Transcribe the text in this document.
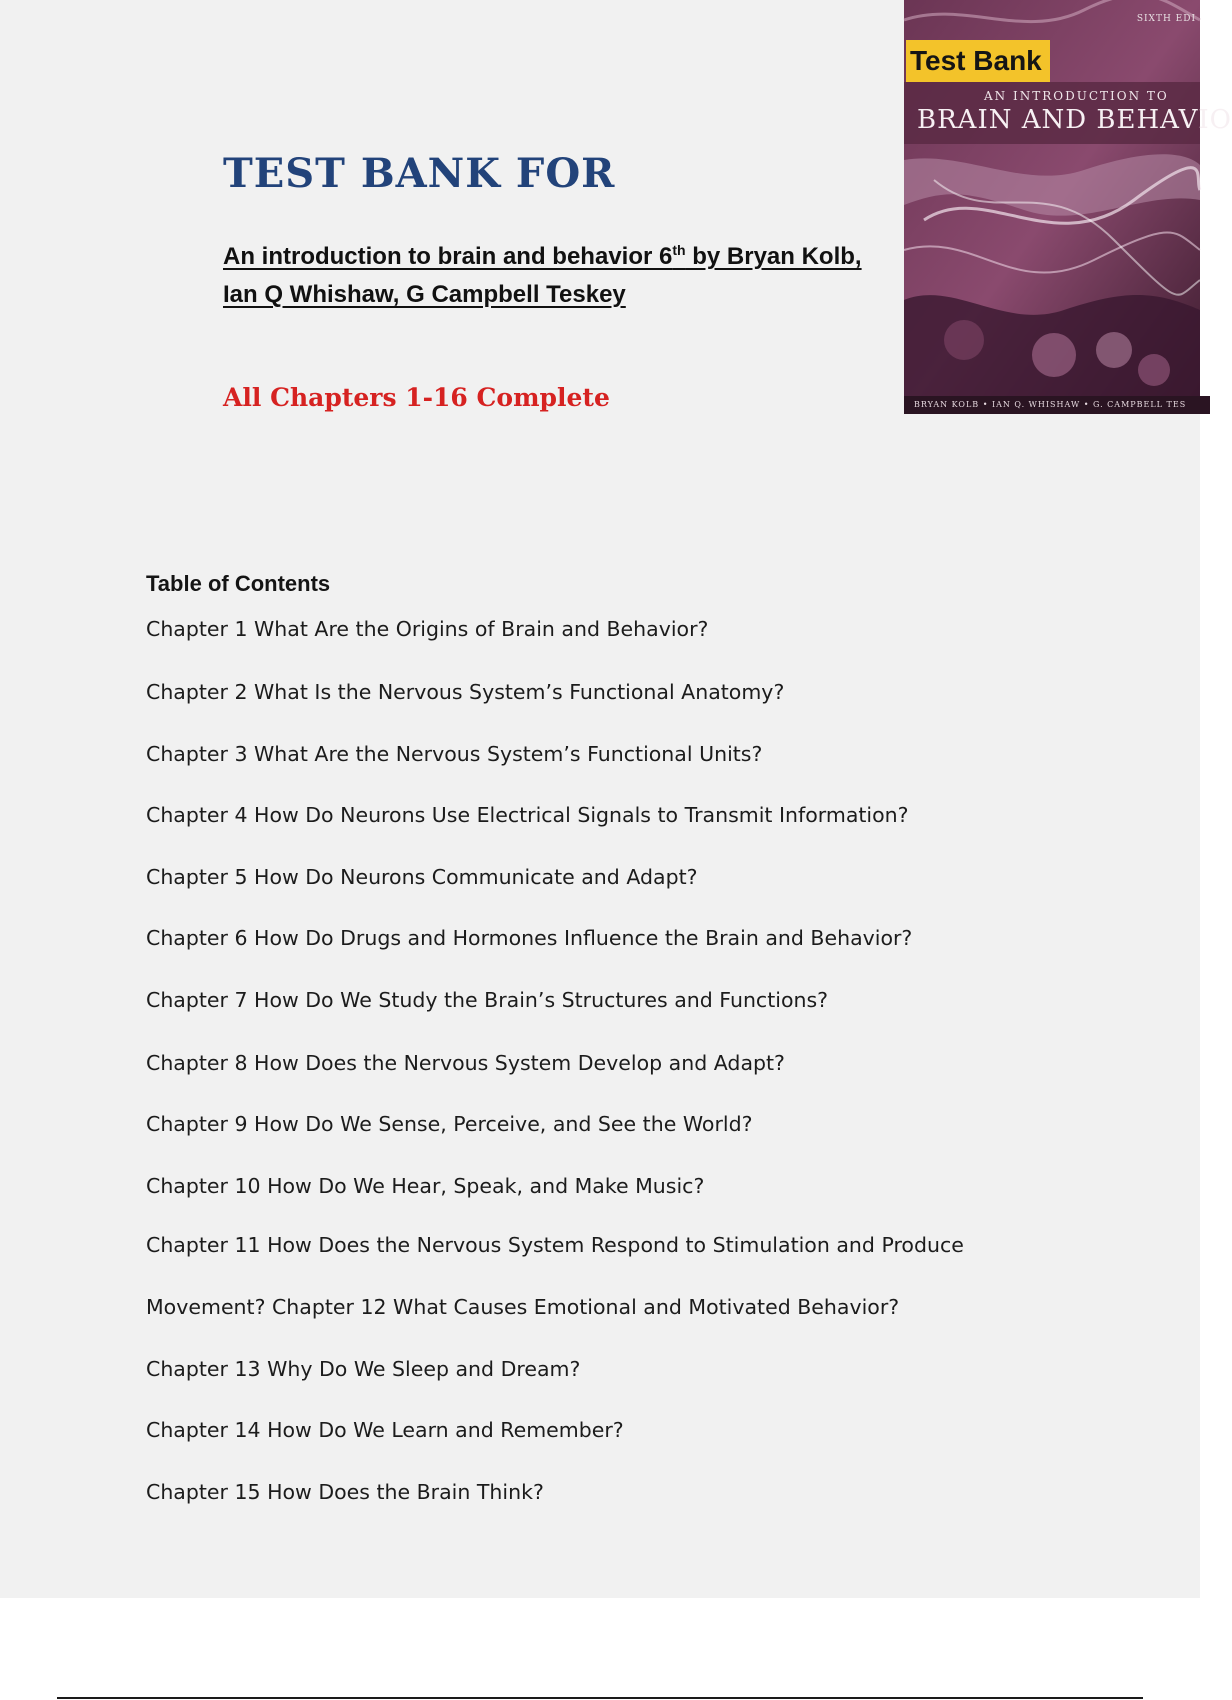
TEST BANK FOR

An introduction to brain and behavior 6th by Bryan Kolb, Ian Q Whishaw, G Campbell Teskey

All Chapters 1-16 Complete

SIXTH EDI
Test Bank
AN INTRODUCTION TO
BRAIN AND BEHAVIO
BRYAN KOLB • IAN Q. WHISHAW • G. CAMPBELL TES
Table of Contents
Chapter 1 What Are the Origins of Brain and Behavior?
Chapter 2 What Is the Nervous System’s Functional Anatomy?
Chapter 3 What Are the Nervous System’s Functional Units?
Chapter 4 How Do Neurons Use Electrical Signals to Transmit Information?
Chapter 5 How Do Neurons Communicate and Adapt?
Chapter 6 How Do Drugs and Hormones Influence the Brain and Behavior?
Chapter 7 How Do We Study the Brain’s Structures and Functions?
Chapter 8 How Does the Nervous System Develop and Adapt?
Chapter 9 How Do We Sense, Perceive, and See the World?
Chapter 10 How Do We Hear, Speak, and Make Music?
Chapter 11 How Does the Nervous System Respond to Stimulation and Produce
Movement? Chapter 12 What Causes Emotional and Motivated Behavior?
Chapter 13 Why Do We Sleep and Dream?
Chapter 14 How Do We Learn and Remember?
Chapter 15 How Does the Brain Think?
